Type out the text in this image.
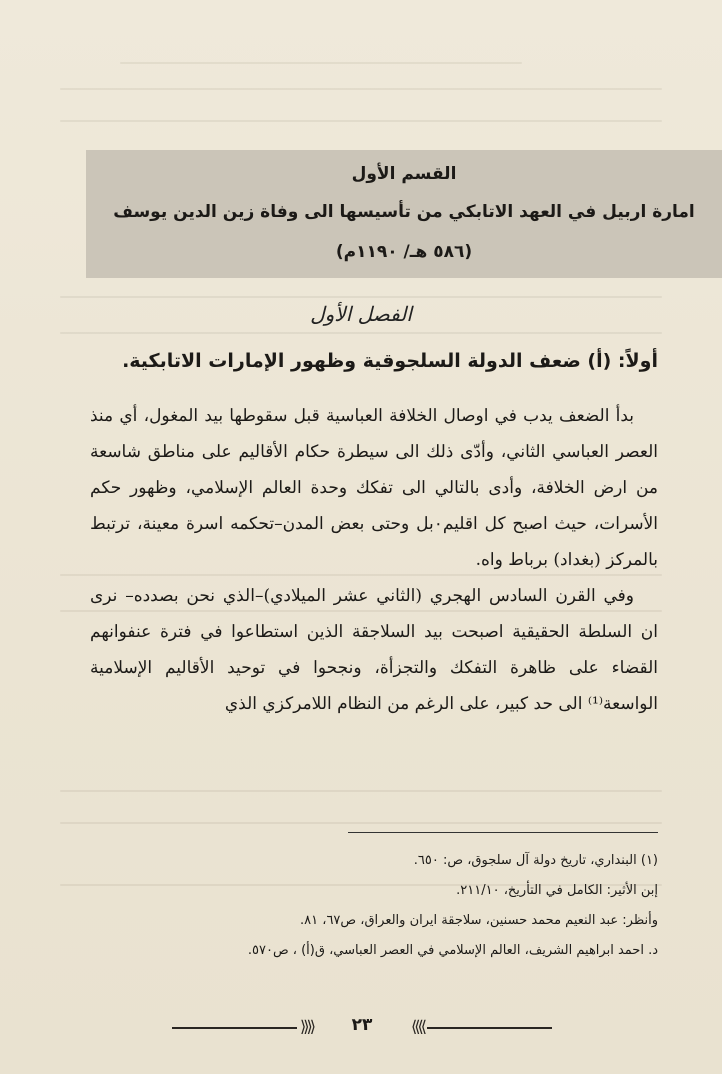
القسم الأول
امارة اربيل في العهد الاتابكي من تأسيسها الى وفاة زين الدين يوسف
(٥٨٦ هـ/ ١١٩٠م)
الفصل الأول
أولاً: (أ) ضعف الدولة السلجوقية وظهور الإمارات الاتابكية.

بدأ الضعف يدب في اوصال الخلافة العباسية قبل سقوطها بيد المغول، أي منذ العصر العباسي الثاني، وأدّى ذلك الى سيطرة حكام الأقاليم على مناطق شاسعة من ارض الخلافة، وأدى بالتالي الى تفكك وحدة العالم الإسلامي، وظهور حكم الأسرات، حيث اصبح كل اقليم٠بل وحتى بعض المدن–تحكمه اسرة معينة، ترتبط بالمركز (بغداد) برباط واه.

وفي القرن السادس الهجري (الثاني عشر الميلادي)–الذي نحن بصدده– نرى ان السلطة الحقيقية اصبحت بيد السلاجقة الذين استطاعوا في فترة عنفوانهم القضاء على ظاهرة التفكك والتجزأة، ونجحوا في توحيد الأقاليم الإسلامية الواسعة⁽¹⁾ الى حد كبير، على الرغم من النظام اللامركزي الذي

(١) البنداري، تاريخ دولة آل سلجوق، ص: ٦٥٠.
إبن الأثير: الكامل في التأريخ، ٢١١/١٠.
وأنظر: عبد النعيم محمد حسنين، سلاجقة ايران والعراق، ص٦٧، ٨١.
د. احمد ابراهيم الشريف، العالم الإسلامي في العصر العباسي، ق(أ) ، ص٥٧٠.
⟩⟩⟩⟩	٢٣	⟨⟨⟨⟨
